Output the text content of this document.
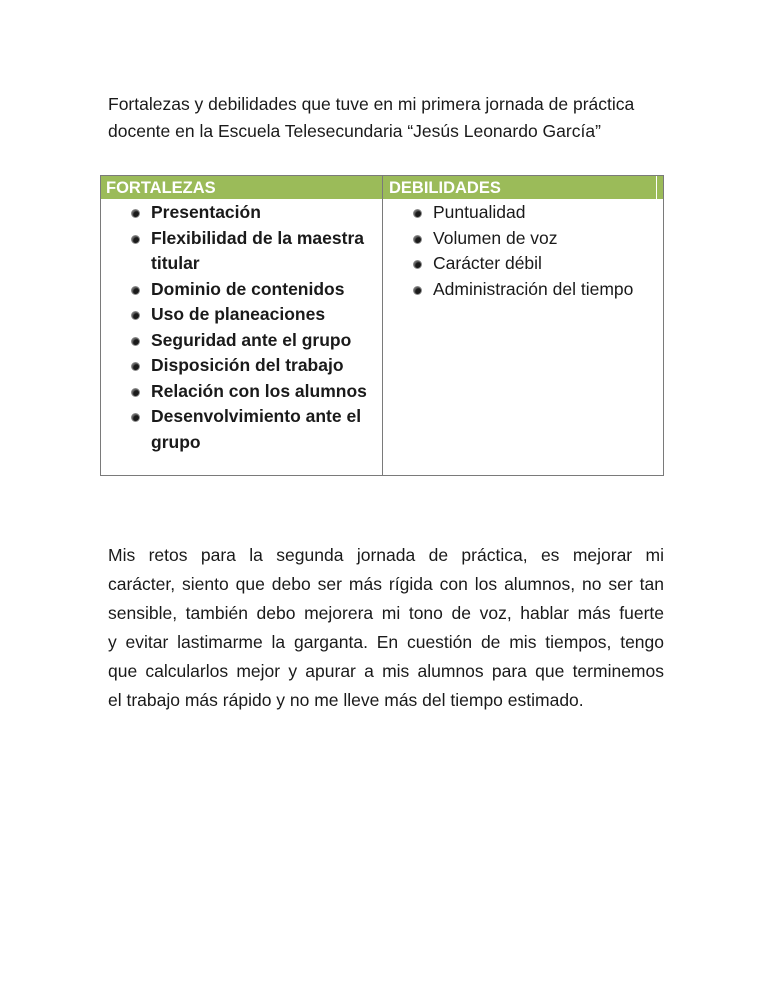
Fortalezas y debilidades que tuve en mi primera jornada de práctica
docente en la Escuela Telesecundaria “Jesús Leonardo García”

FORTALEZAS	DEBILIDADES
Presentación
Flexibilidad de la maestra titular
Dominio de contenidos
Uso de planeaciones
Seguridad ante el grupo
Disposición del trabajo
Relación con los alumnos
Desenvolvimiento ante el grupo
Puntualidad
Volumen de voz
Carácter débil
Administración del tiempo

Mis retos para la segunda jornada de práctica, es mejorar mi
carácter, siento que debo ser más rígida con los alumnos, no ser tan
sensible, también debo mejorera mi tono de voz, hablar más fuerte
y evitar lastimarme la garganta. En cuestión de mis tiempos, tengo
que calcularlos mejor y apurar a mis alumnos para que terminemos
el trabajo más rápido y no me lleve más del tiempo estimado.
